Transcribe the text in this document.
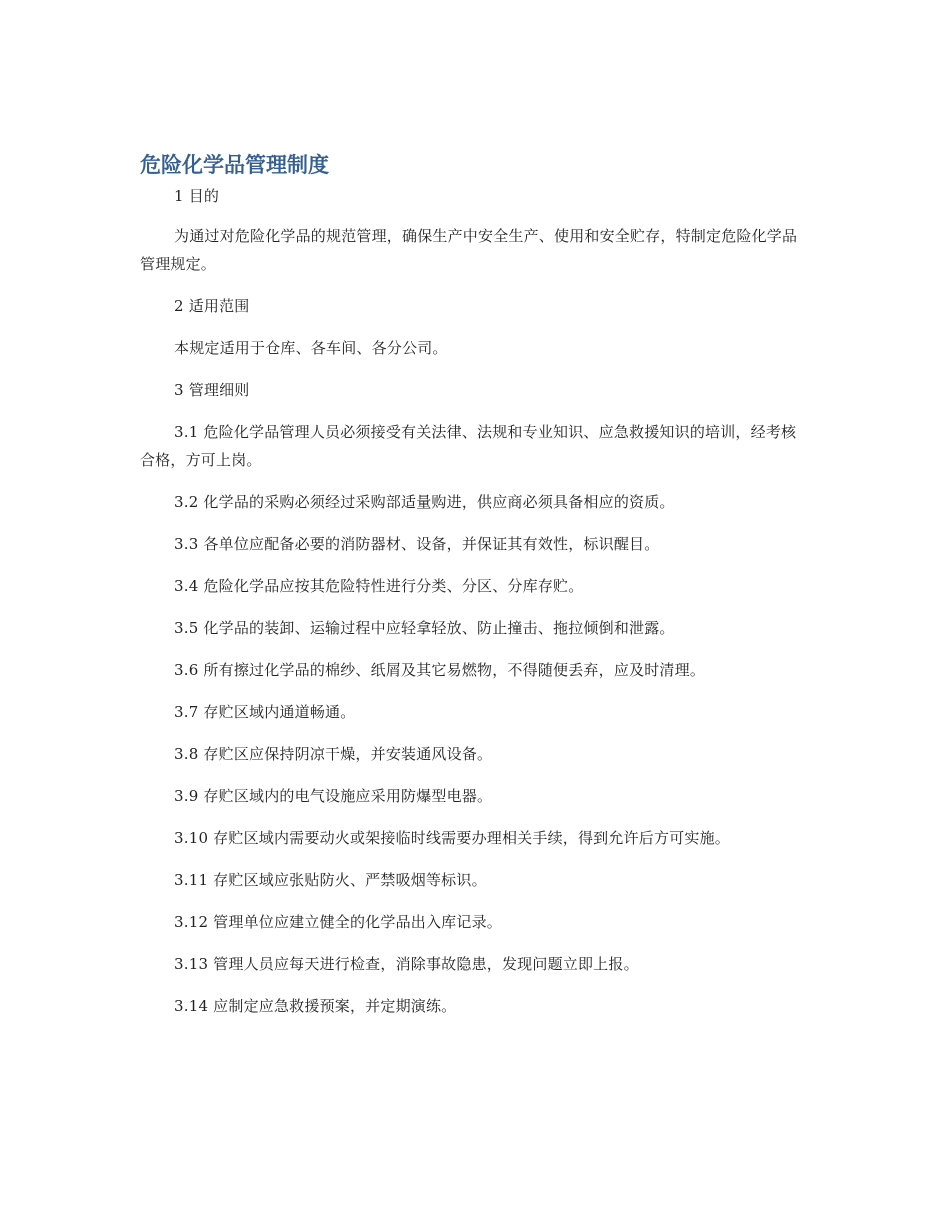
危险化学品管理制度

1 目的

为通过对危险化学品的规范管理，确保生产中安全生产、使用和安全贮存，特制定危险化学品管理规定。

2 适用范围

本规定适用于仓库、各车间、各分公司。

3 管理细则

3.1 危险化学品管理人员必须接受有关法律、法规和专业知识、应急救援知识的培训，经考核合格，方可上岗。

3.2 化学品的采购必须经过采购部适量购进，供应商必须具备相应的资质。

3.3 各单位应配备必要的消防器材、设备，并保证其有效性，标识醒目。

3.4 危险化学品应按其危险特性进行分类、分区、分库存贮。

3.5 化学品的装卸、运输过程中应轻拿轻放、防止撞击、拖拉倾倒和泄露。

3.6 所有擦过化学品的棉纱、纸屑及其它易燃物，不得随便丢弃，应及时清理。

3.7 存贮区域内通道畅通。

3.8 存贮区应保持阴凉干燥，并安装通风设备。

3.9 存贮区域内的电气设施应采用防爆型电器。

3.10 存贮区域内需要动火或架接临时线需要办理相关手续，得到允许后方可实施。

3.11 存贮区域应张贴防火、严禁吸烟等标识。

3.12 管理单位应建立健全的化学品出入库记录。

3.13 管理人员应每天进行检查，消除事故隐患，发现问题立即上报。

3.14 应制定应急救援预案，并定期演练。
